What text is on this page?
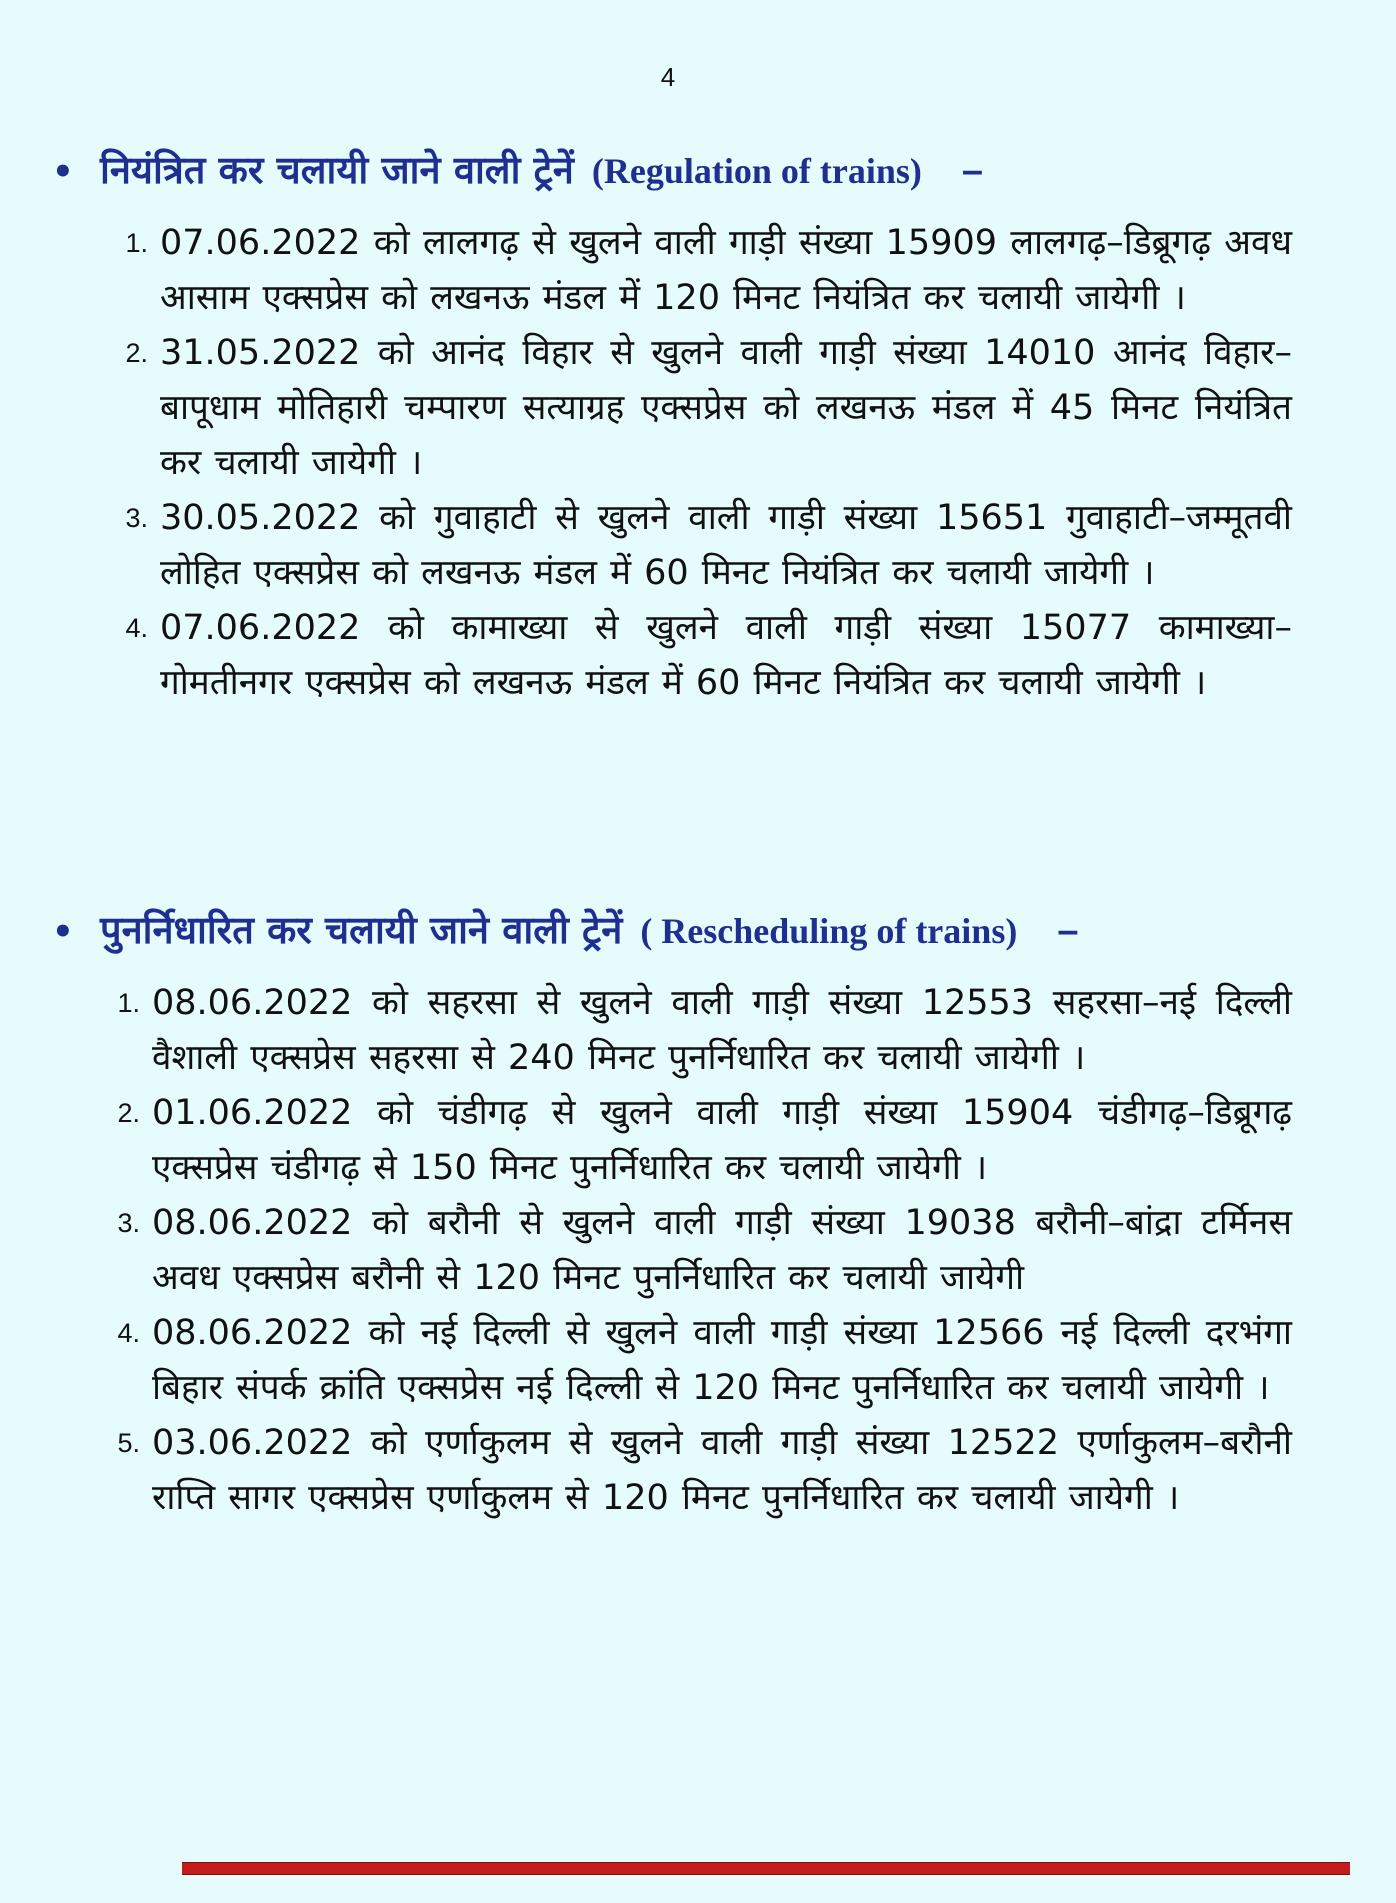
4
• नियंत्रित कर चलायी जाने वाली ट्रेनें (Regulation of trains) –
1. 07.06.2022 को लालगढ़ से खुलने वाली गाड़ी संख्या 15909 लालगढ़–डिब्रूगढ़ अवध आसाम एक्सप्रेस को लखनऊ मंडल में 120 मिनट नियंत्रित कर चलायी जायेगी ।
2. 31.05.2022 को आनंद विहार से खुलने वाली गाड़ी संख्या 14010 आनंद विहार–बापूधाम मोतिहारी चम्पारण सत्याग्रह एक्सप्रेस को लखनऊ मंडल में 45 मिनट नियंत्रित कर चलायी जायेगी ।
3. 30.05.2022 को गुवाहाटी से खुलने वाली गाड़ी संख्या 15651 गुवाहाटी–जम्मूतवी लोहित एक्सप्रेस को लखनऊ मंडल में 60 मिनट नियंत्रित कर चलायी जायेगी ।
4. 07.06.2022 को कामाख्या से खुलने वाली गाड़ी संख्या 15077 कामाख्या–गोमतीनगर एक्सप्रेस को लखनऊ मंडल में 60 मिनट नियंत्रित कर चलायी जायेगी ।
• पुनर्निधारित कर चलायी जाने वाली ट्रेनें ( Rescheduling of trains) –
1. 08.06.2022 को सहरसा से खुलने वाली गाड़ी संख्या 12553 सहरसा–नई दिल्ली वैशाली एक्सप्रेस सहरसा से 240 मिनट पुनर्निधारित कर चलायी जायेगी ।
2. 01.06.2022 को चंडीगढ़ से खुलने वाली गाड़ी संख्या 15904 चंडीगढ़–डिब्रूगढ़ एक्सप्रेस चंडीगढ़ से 150 मिनट पुनर्निधारित कर चलायी जायेगी ।
3. 08.06.2022 को बरौनी से खुलने वाली गाड़ी संख्या 19038 बरौनी–बांद्रा टर्मिनस अवध एक्सप्रेस बरौनी से 120 मिनट पुनर्निधारित कर चलायी जायेगी
4. 08.06.2022 को नई दिल्ली से खुलने वाली गाड़ी संख्या 12566 नई दिल्ली दरभंगा बिहार संपर्क क्रांति एक्सप्रेस नई दिल्ली से 120 मिनट पुनर्निधारित कर चलायी जायेगी ।
5. 03.06.2022 को एर्णाकुलम से खुलने वाली गाड़ी संख्या 12522 एर्णाकुलम–बरौनी राप्ति सागर एक्सप्रेस एर्णाकुलम से 120 मिनट पुनर्निधारित कर चलायी जायेगी ।
